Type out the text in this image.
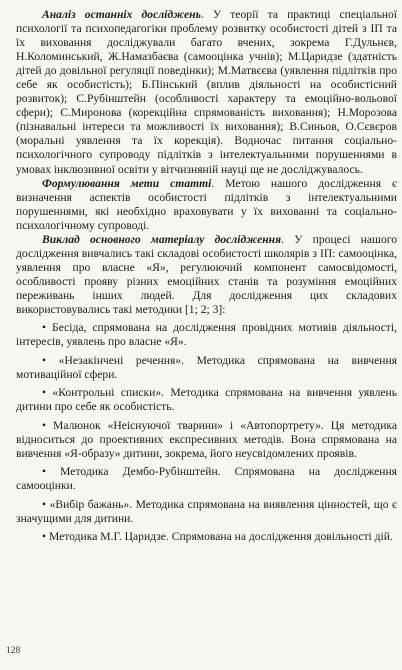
Аналіз останніх досліджень. У теорії та практиці спеціальної психології та психопедагогіки проблему розвитку особистості дітей з ІП та їх виховання досліджували багато вчених, зокрема Г.Дульнєв, Н.Коломинський, Ж.Намазбаєва (самооцінка учнів); М.Царидзе (здатність дітей до довільної регуляції поведінки); М.Матвєєва (уявлення підлітків про себе як особистість); Б.Пінський (вплив діяльності на особистісний розвиток); С.Рубінштейн (особливості характеру та емоційно-вольової сфери); С.Миронова (корекційна спрямованість виховання); Н.Морозова (пізнавальні інтереси та можливості їх виховання); В.Синьов, О.Сєвєров (моральні уявлення та їх корекція). Водночас питання соціально-психологічного супроводу підлітків з інтелектуальними порушеннями в умовах інклюзивної освіти у вітчизняній науці ще не досліджувалось.

Формулювання мети статті. Метою нашого дослідження є визначення аспектів особистості підлітків з інтелектуальними порушеннями, які необхідно враховувати у їх вихованні та соціально-психологічному супроводі.

Виклад основного матеріалу дослідження. У процесі нашого дослідження вивчались такі складові особистості школярів з ІП: самооцінка, уявлення про власне «Я», регулюючий компонент самосвідомості, особливості прояву різних емоційних станів та розуміння емоційних переживань інших людей. Для дослідження цих складових використовувались такі методики [1; 2; 3]:

• Бесіда, спрямована на дослідження провідних мотивів діяльності, інтересів, уявлень про власне «Я».

• «Незакінчені речення». Методика спрямована на вивчення мотиваційної сфери.

• «Контрольні списки». Методика спрямована на вивчення уявлень дитини про себе як особистість.

• Малюнок «Неіснуючої тварини» і «Автопортрету». Ця методика відноситься до проективних експресивних методів. Вона спрямована на вивчення «Я-образу» дитини, зокрема, його неусвідомлених проявів.

• Методика Дембо-Рубінштейн. Спрямована на дослідження самооцінки.

• «Вибір бажань». Методика спрямована на виявлення цінностей, що є значущими для дитини.

• Методика М.Г. Царидзе. Спрямована на дослідження довільності дій.

128
